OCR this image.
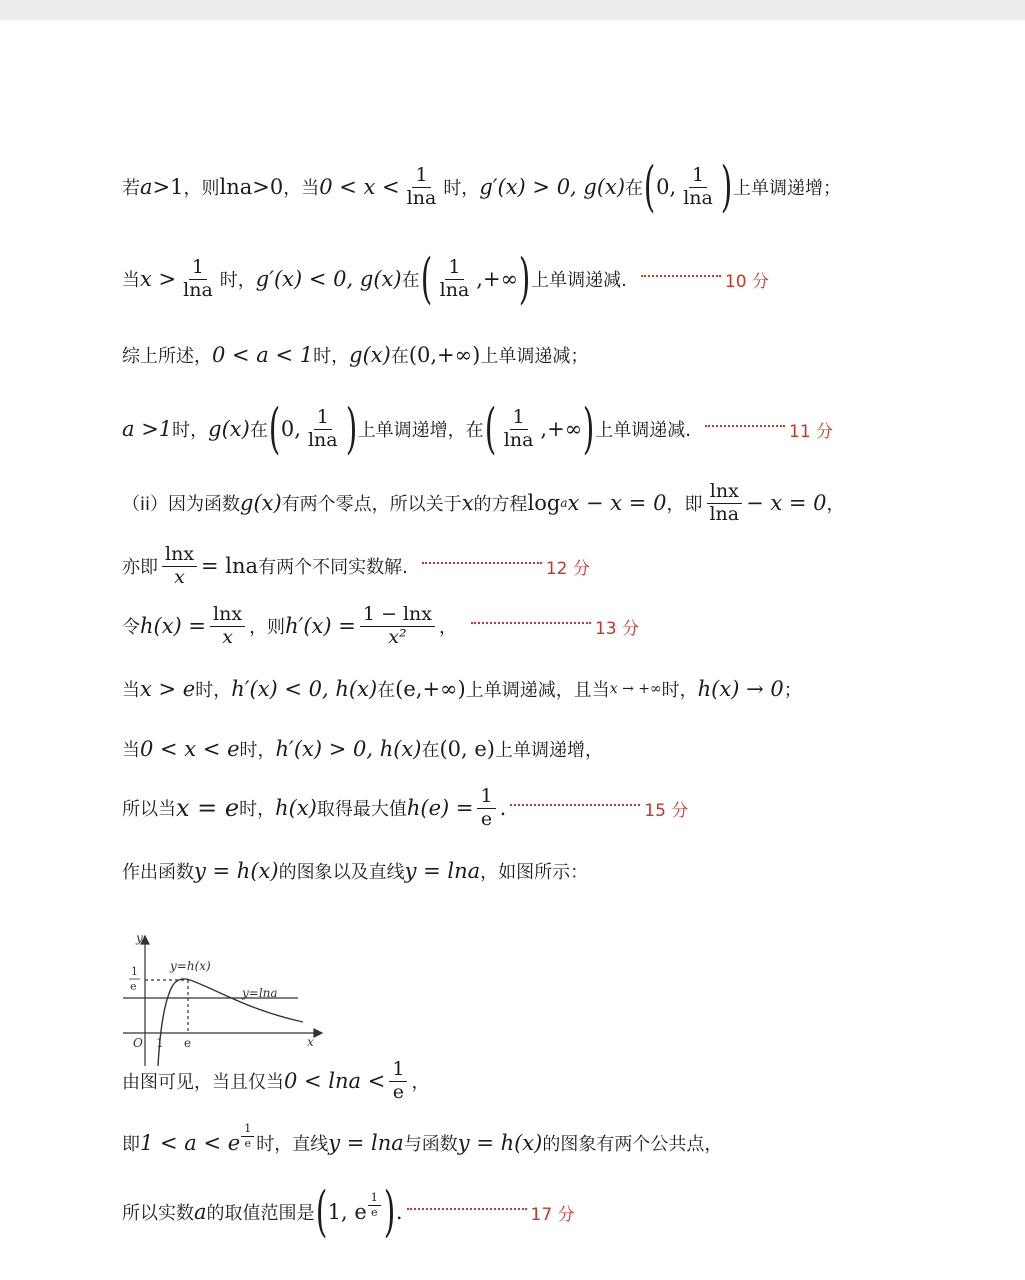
若 a >1 ，则 lna >0 ，当 $0 < x < \frac{1}{\ln a}$ 时， g′(x) > 0, g(x) 在 ( 0, $\frac{1}{\ln a}$ ) 上单调递增；
当 $x > \frac{1}{\ln a}$ 时， g′(x) < 0, g(x) 在 ( $\frac{1}{\ln a}$ ,+∞ ) 上单调递减.	10 分
综上所述， 0 < a < 1 时， g(x) 在 (0,+∞) 上单调递减；
a >1 时， g(x) 在 ( 0, $\frac{1}{\ln a}$ ) 上单调递增，在 ( $\frac{1}{\ln a}$ ,+∞ ) 上单调递减.	11 分
（ii）因为函数 g(x) 有两个零点，所以关于 x 的方程 log a x − x = 0 ，即 $\frac{\ln x}{\ln a} - x = 0$ ，
亦即 $\frac{\ln x}{x} = \ln a$ 有两个不同实数解.	12 分
令 $h(x) = \frac{\ln x}{x}$ ，则 $h'(x) = \frac{1 - \ln x}{\text{x²}}$ ，	13 分
当 x > e 时， h′(x) < 0, h(x) 在 (e,+∞) 上单调递减，且当 x → +∞ 时， h(x) → 0 ；
当 0 < x < e 时， h′(x) > 0, h(x) 在 (0, e) 上单调递增，
所以当 x = e 时， h(x) 取得最大值 $h(e) = \frac{1}{e}$ .	15 分
作出函数 y = h(x) 的图象以及直线 y = lna ，如图所示：
y
x
O 1 e
1
e
y=h(x)
y=lna
由图可见，当且仅当 $0 < \ln a < \frac{1}{e}$ ，
即 1 < a < e $\frac{1}{e}$ 时，直线 y = lna 与函数 y = h(x) 的图象有两个公共点，
所以实数 a 的取值范围是 ( 1, e $\frac{1}{e}$ ) .	17 分
